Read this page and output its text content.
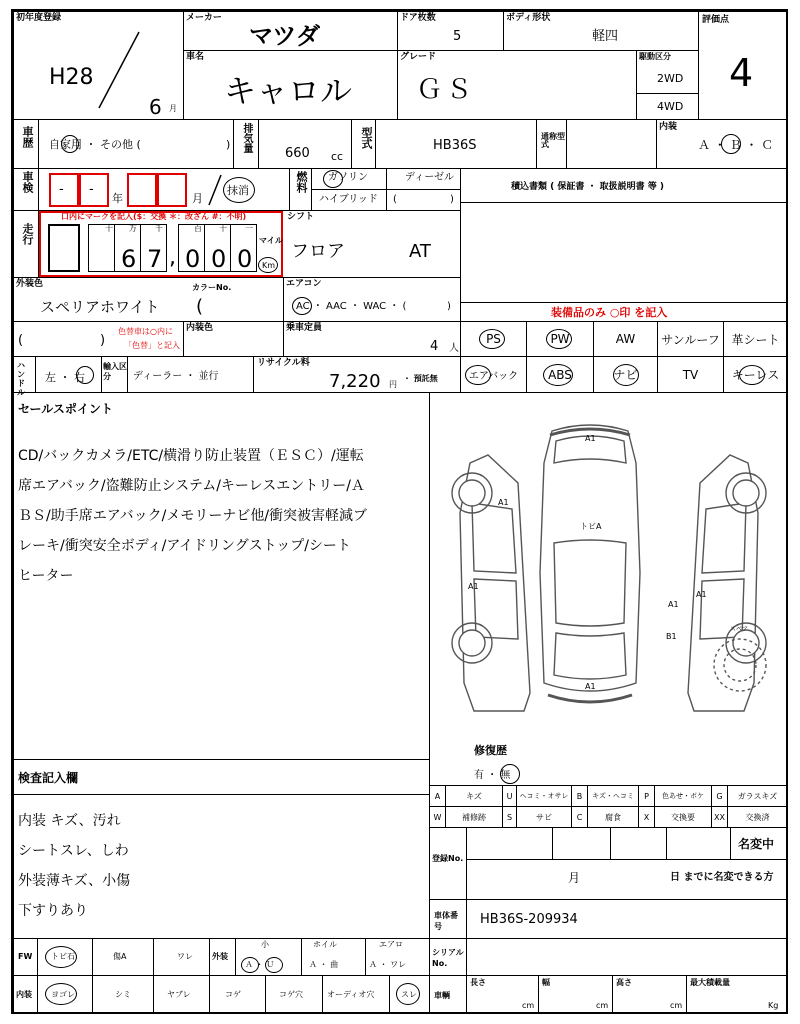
初年度登録
H28
6 月
メーカー
マツダ
ドア枚数
5
ボディ形状
軽四
評価点
4
車名
キャロル
グレード
ＧＳ
駆動区分
2WD
4WD
車歴 自家用 ・ その他 (	) 排気量
660 cc
型式	HB36S
通称型式
内装
Ａ ・ Ｂ ・ Ｃ
車検 - -
年	月
抹消	燃料 ガソリン	ディーゼル
ハイブリッド (	)
積込書類 ( 保証書 ・ 取扱説明書 等 )
走行
口内にマークを記入($：交換 ＊：改ざん #：不明)
十 万 千	百 十 一
6 7 , 0 0 0
マイル
Km
シフト
フロア	AT
外装色
スペリアホワイト
カラーNo.
(
エアコン
AC ・ AAC ・ WAC ・ (	)	装備品のみ ○印 を記入
(	)
色替車は○内に
「色替」と記入
内装色	乗車定員
4 人
PS	PW	AW サンルーフ 革シート
ハンドル
左 ・ 右
輸入区分	ディーラー ・ 並行
リサイクル料
7,220 円
・ 預託無	エアバック ABS	ナビ	TV	キーレス
セールスポイント
CD/バックカメラ/ETC/横滑り防止装置（ＥＳＣ）/運転
席エアバック/盗難防止システム/キーレスエントリー/Ａ
ＢＳ/助手席エアバック/メモリーナビ他/衝突被害軽減ブ
レーキ/衝突安全ボディ/アイドリングストップ/シート
ヒーター
A1
A1
トビA
A1
A1
A1
B1
A1
スペア
修復歴
有 ・ 無
検査記入欄
内装 キズ、汚れ
シートスレ、しわ
外装薄キズ、小傷
下すりあり
A	キズ	U	ヘコミ・オサレ	B	キズ・ヘコミ	P	色あせ・ボケ	G	ガラスキズ
W	補修跡	S	サビ	C	腐食	X	交換要	XX	交換済
登録No.
名変中
月	日 までに名変できる方
車体番号	HB36S-209934
FW トビ石	傷A	ワレ 外装
小
Ａ ・ Ｕ
ホイル
Ａ ・ 曲
エアロ
Ａ ・ ワレ
シリアルNo.
内装 ヨゴレ	シミ	ヤブレ	コゲ	コゲ穴	オーディオ穴	スレ 車輌
長さ
cm
幅
cm
高さ
cm
最大積載量
Kg
